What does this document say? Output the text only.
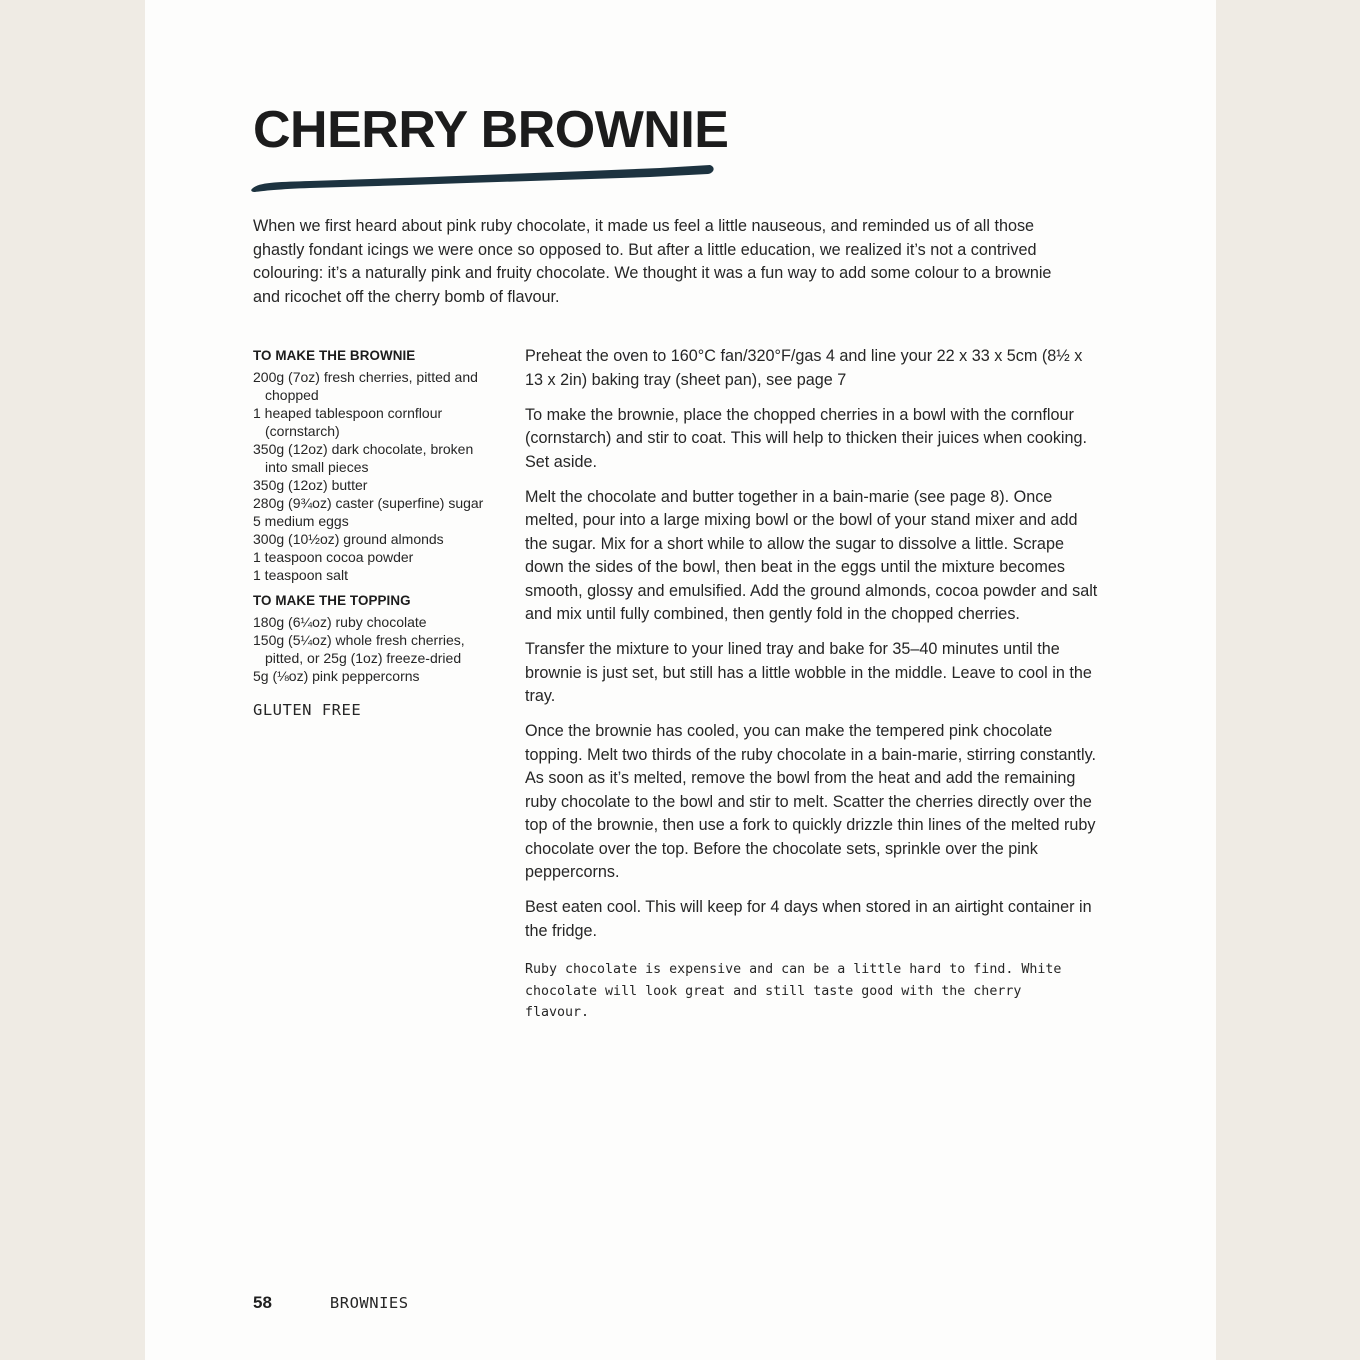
CHERRY BROWNIE

When we first heard about pink ruby chocolate, it made us feel a little nauseous, and reminded us of all those ghastly fondant icings we were once so opposed to. But after a little education, we realized it’s not a contrived colouring: it’s a naturally pink and fruity chocolate. We thought it was a fun way to add some colour to a brownie and ricochet off the cherry bomb of flavour.

TO MAKE THE BROWNIE
200g (7oz) fresh cherries, pitted and chopped
1 heaped tablespoon cornflour (cornstarch)
350g (12oz) dark chocolate, broken into small pieces
350g (12oz) butter
280g (9¾oz) caster (superfine) sugar
5 medium eggs
300g (10½oz) ground almonds
1 teaspoon cocoa powder
1 teaspoon salt
TO MAKE THE TOPPING
180g (6¼oz) ruby chocolate
150g (5¼oz) whole fresh cherries, pitted, or 25g (1oz) freeze-dried
5g (⅛oz) pink peppercorns
GLUTEN FREE

Preheat the oven to 160°C fan/320°F/gas 4 and line your 22 x 33 x 5cm (8½ x 13 x 2in) baking tray (sheet pan), see page 7

To make the brownie, place the chopped cherries in a bowl with the cornflour (cornstarch) and stir to coat. This will help to thicken their juices when cooking. Set aside.

Melt the chocolate and butter together in a bain-marie (see page 8). Once melted, pour into a large mixing bowl or the bowl of your stand mixer and add the sugar. Mix for a short while to allow the sugar to dissolve a little. Scrape down the sides of the bowl, then beat in the eggs until the mixture becomes smooth, glossy and emulsified. Add the ground almonds, cocoa powder and salt and mix until fully combined, then gently fold in the chopped cherries.

Transfer the mixture to your lined tray and bake for 35–40 minutes until the brownie is just set, but still has a little wobble in the middle. Leave to cool in the tray.

Once the brownie has cooled, you can make the tempered pink chocolate topping. Melt two thirds of the ruby chocolate in a bain-marie, stirring constantly. As soon as it’s melted, remove the bowl from the heat and add the remaining ruby chocolate to the bowl and stir to melt. Scatter the cherries directly over the top of the brownie, then use a fork to quickly drizzle thin lines of the melted ruby chocolate over the top. Before the chocolate sets, sprinkle over the pink peppercorns.

Best eaten cool. This will keep for 4 days when stored in an airtight container in the fridge.

Ruby chocolate is expensive and can be a little hard to find. White chocolate will look great and still taste good with the cherry flavour.

58	BROWNIES
